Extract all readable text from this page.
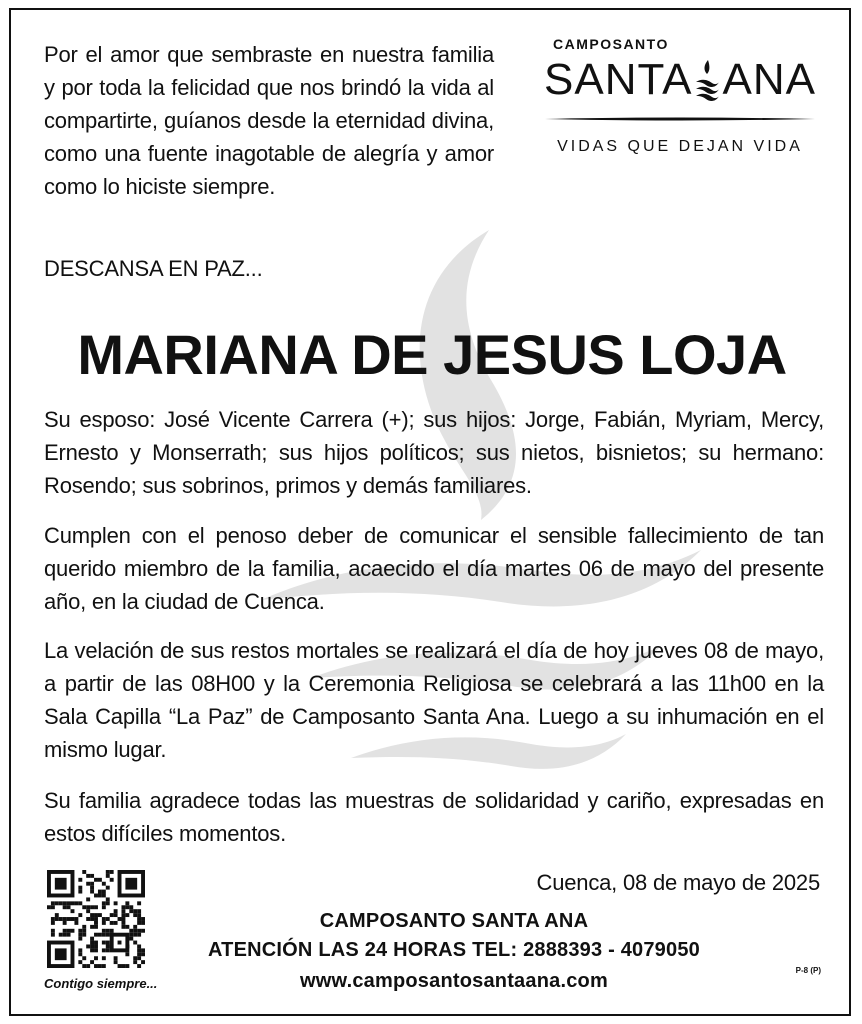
Por el amor que sembraste en nuestra familia y por toda la felicidad que nos brindó la vida al compartirte, guíanos desde la eternidad divina, como una fuente inagotable de alegría y amor como lo hiciste siempre.
DESCANSA EN PAZ...
CAMPOSANTO
SANTA ANA
VIDAS QUE DEJAN VIDA
MARIANA DE JESUS LOJA
Su esposo: José Vicente Carrera (+); sus hijos: Jorge, Fabián, Myriam, Mercy, Ernesto y Monserrath; sus hijos políticos; sus nietos, bisnietos; su hermano: Rosendo; sus sobrinos, primos y demás familiares.
Cumplen con el penoso deber de comunicar el sensible fallecimiento de tan querido miembro de la familia, acaecido el día martes 06 de mayo del presente año, en la ciudad de Cuenca.
La velación de sus restos mortales se realizará el día de hoy jueves 08 de mayo, a partir de las 08H00 y la Ceremonia Religiosa se celebrará a las 11h00 en la Sala Capilla “La Paz” de Camposanto Santa Ana. Luego a su inhumación en el mismo lugar.
Su familia agradece todas las muestras de solidaridad y cariño, expresadas en estos difíciles momentos.
Cuenca, 08 de mayo de 2025
Contigo siempre...
CAMPOSANTO SANTA ANA
ATENCIÓN LAS 24 HORAS TEL: 2888393 - 4079050
www.camposantosantaana.com	P-8 (P)
